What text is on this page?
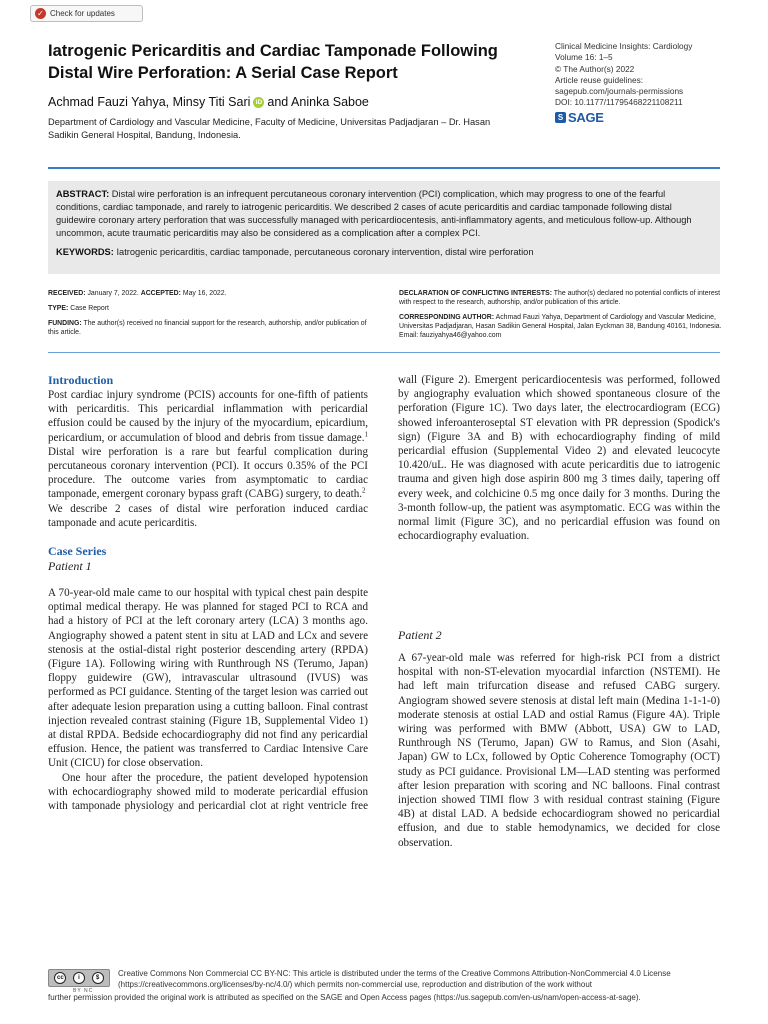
✓ Check for updates
Iatrogenic Pericarditis and Cardiac Tamponade Following Distal Wire Perforation: A Serial Case Report
Achmad Fauzi Yahya, Minsy Titi Sari iD and Aninka Saboe
Department of Cardiology and Vascular Medicine, Faculty of Medicine, Universitas Padjadjaran – Dr. Hasan Sadikin General Hospital, Bandung, Indonesia.
Clinical Medicine Insights: Cardiology
Volume 16: 1–5
© The Author(s) 2022
Article reuse guidelines:
sagepub.com/journals-permissions
DOI: 10.1177/11795468221108211
S SAGE
ABSTRACT: Distal wire perforation is an infrequent percutaneous coronary intervention (PCI) complication, which may progress to one of the fearful conditions, cardiac tamponade, and rarely to iatrogenic pericarditis. We described 2 cases of acute pericarditis and cardiac tamponade following distal guidewire coronary artery perforation that was successfully managed with pericardiocentesis, anti-inflammatory agents, and meticulous follow-up. Although uncommon, acute traumatic pericarditis may also be considered as a complication after a complex PCI.
KEYWORDS: Iatrogenic pericarditis, cardiac tamponade, percutaneous coronary intervention, distal wire perforation

RECEIVED: January 7, 2022. ACCEPTED: May 16, 2022.

TYPE: Case Report

FUNDING: The author(s) received no financial support for the research, authorship, and/or publication of this article.

DECLARATION OF CONFLICTING INTERESTS: The author(s) declared no potential conflicts of interest with respect to the research, authorship, and/or publication of this article.

CORRESPONDING AUTHOR: Achmad Fauzi Yahya, Department of Cardiology and Vascular Medicine, Universitas Padjadjaran, Hasan Sadikin General Hospital, Jalan Eyckman 38, Bandung 40161, Indonesia. Email: fauziyahya46@yahoo.com

Introduction

Post cardiac injury syndrome (PCIS) accounts for one-fifth of patients with pericarditis. This pericardial inflammation with pericardial effusion could be caused by the injury of the myocardium, epicardium, pericardium, or accumulation of blood and debris from tissue damage.$^1$ Distal wire perforation is a rare but fearful complication during percutaneous coronary intervention (PCI). It occurs 0.35% of the PCI procedure. The outcome varies from asymptomatic to cardiac tamponade, emergent coronary bypass graft (CABG) surgery, to death.$^2$

We describe 2 cases of distal wire perforation induced cardiac tamponade and acute pericarditis.

Case Series
Patient 1

A 70-year-old male came to our hospital with typical chest pain despite optimal medical therapy. He was planned for staged PCI to RCA and had a history of PCI at the left coronary artery (LCA) 3 months ago. Angiography showed a patent stent in situ at LAD and LCx and severe stenosis at the ostial-distal right posterior descending artery (RPDA) (Figure 1A). Following wiring with Runthrough NS (Terumo, Japan) floppy guidewire (GW), intravascular ultrasound (IVUS) was performed as PCI guidance. Stenting of the target lesion was carried out after adequate lesion preparation using a cutting balloon. Final contrast injection revealed contrast staining (Figure 1B, Supplemental Video 1) at distal RPDA. Bedside echocardiography did not find any pericardial effusion. Hence, the patient was transferred to Cardiac Intensive Care Unit (CICU) for close observation.

One hour after the procedure, the patient developed hypotension with echocardiography showed mild to moderate pericardial effusion with tamponade physiology and pericardial clot at right ventricle free

wall (Figure 2). Emergent pericardiocentesis was performed, followed by angiography evaluation which showed spontaneous closure of the perforation (Figure 1C). Two days later, the electrocardiogram (ECG) showed inferoanteroseptal ST elevation with PR depression (Spodick's sign) (Figure 3A and B) with echocardiography finding of mild pericardial effusion (Supplemental Video 2) and elevated leucocyte 10.420/uL. He was diagnosed with acute pericarditis due to iatrogenic trauma and given high dose aspirin 800 mg 3 times daily, tapering off every week, and colchicine 0.5 mg once daily for 3 months. During the 3-month follow-up, the patient was asymptomatic. ECG was within the normal limit (Figure 3C), and no pericardial effusion was found on echocardiography evaluation.

Patient 2

A 67-year-old male was referred for high-risk PCI from a district hospital with non-ST-elevation myocardial infarction (NSTEMI). He had left main trifurcation disease and refused CABG surgery. Angiogram showed severe stenosis at distal left main (Medina 1-1-1-0) moderate stenosis at ostial LAD and ostial Ramus (Figure 4A). Triple wiring was performed with BMW (Abbott, USA) GW to LAD, Runthrough NS (Terumo, Japan) GW to Ramus, and Sion (Asahi, Japan) GW to LCx, followed by Optic Coherence Tomography (OCT) study as PCI guidance. Provisional LM—LAD stenting was performed after lesion preparation with scoring and NC balloons. Final contrast injection showed TIMI flow 3 with residual contrast staining (Figure 4B) at distal LAD. A bedside echocardiogram showed no pericardial effusion, and due to stable hemodynamics, we decided for close observation.

cc	i	$
BY NC
Creative Commons Non Commercial CC BY-NC: This article is distributed under the terms of the Creative Commons Attribution-NonCommercial 4.0 License (https://creativecommons.org/licenses/by-nc/4.0/) which permits non-commercial use, reproduction and distribution of the work without
further permission provided the original work is attributed as specified on the SAGE and Open Access pages (https://us.sagepub.com/en-us/nam/open-access-at-sage).
